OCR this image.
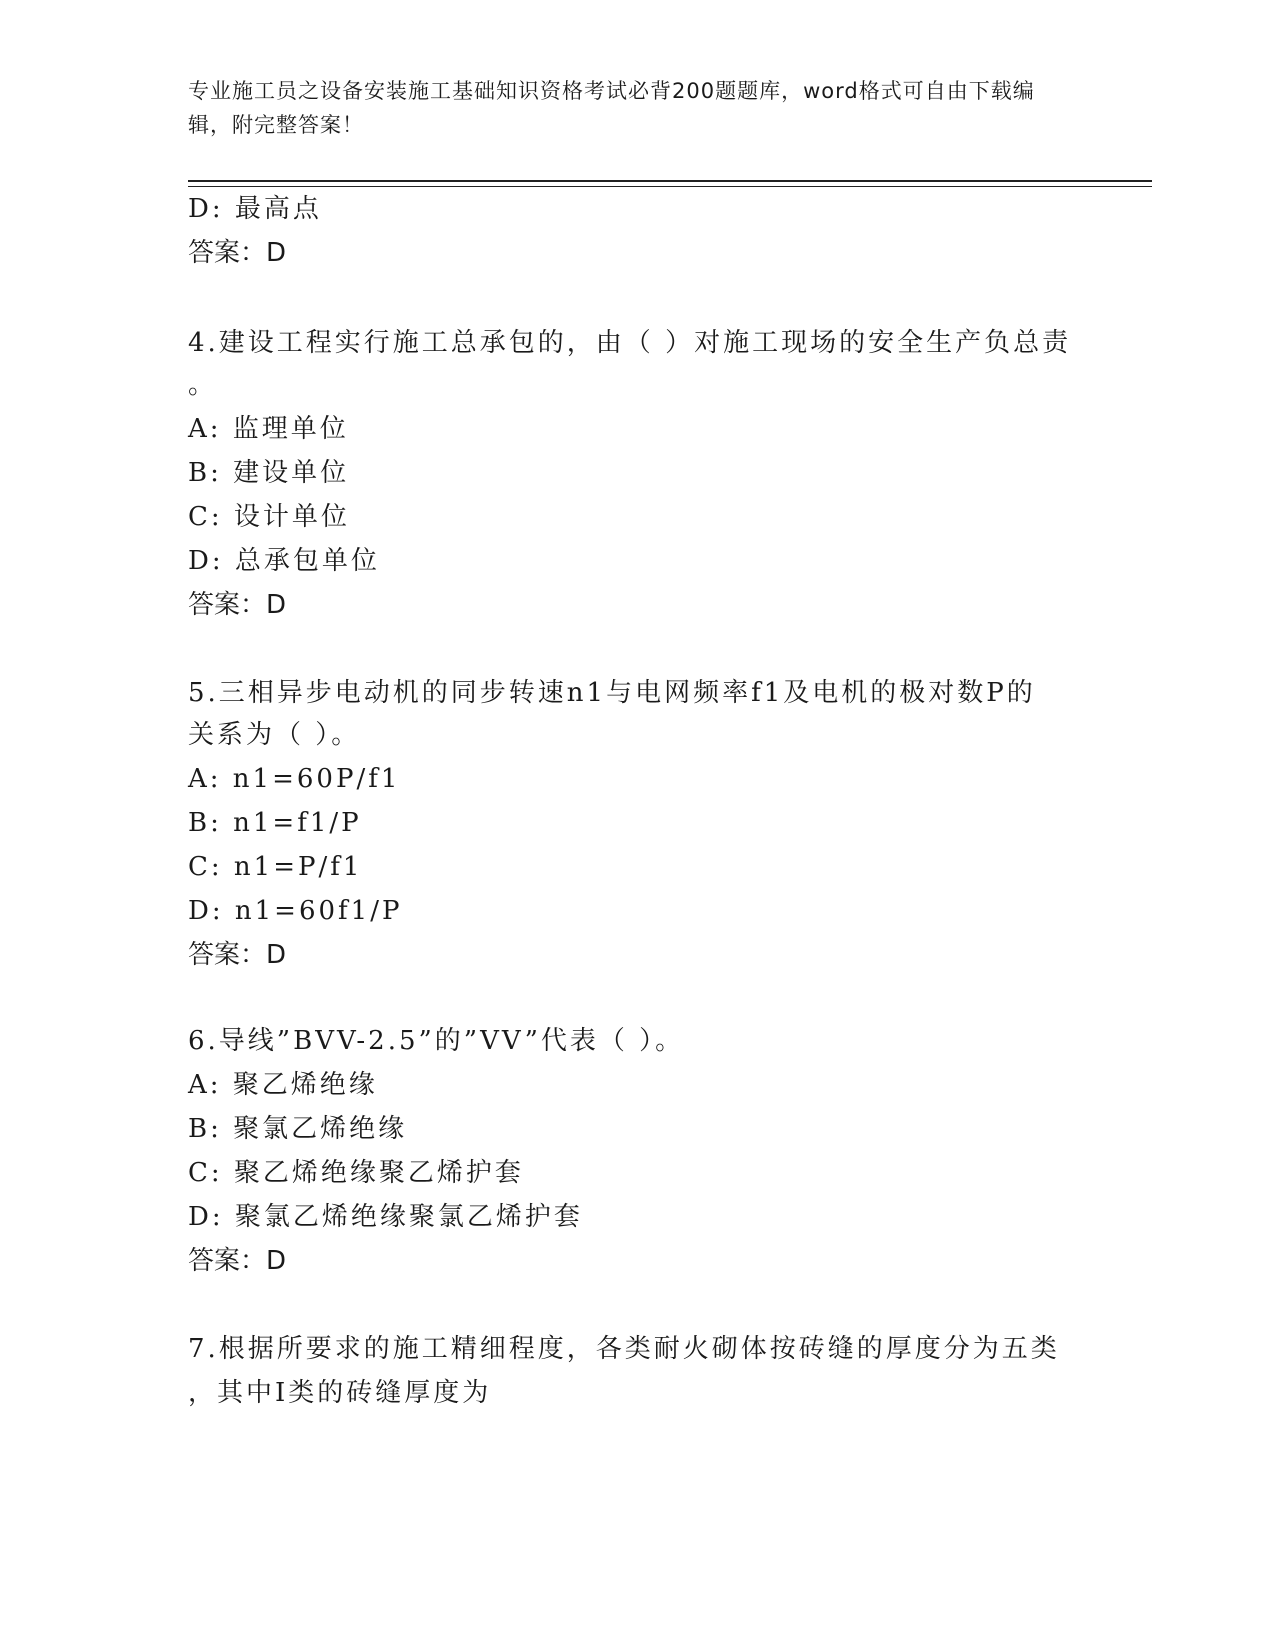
专业施工员之设备安装施工基础知识资格考试必背200题题库，word格式可自由下载编辑，附完整答案！
D: 最高点
答案：D
4.建设工程实行施工总承包的，由（ ）对施工现场的安全生产负总责
。
A: 监理单位
B: 建设单位
C: 设计单位
D: 总承包单位
答案：D
5.三相异步电动机的同步转速n1与电网频率f1及电机的极对数P的
关系为（ ）。
A: n1=60P/f1
B: n1=f1/P
C: n1=P/f1
D: n1=60f1/P
答案：D
6.导线”BVV-2.5”的”VV”代表（ ）。
A: 聚乙烯绝缘
B: 聚氯乙烯绝缘
C: 聚乙烯绝缘聚乙烯护套
D: 聚氯乙烯绝缘聚氯乙烯护套
答案：D
7.根据所要求的施工精细程度，各类耐火砌体按砖缝的厚度分为五类
，其中Ⅰ类的砖缝厚度为
